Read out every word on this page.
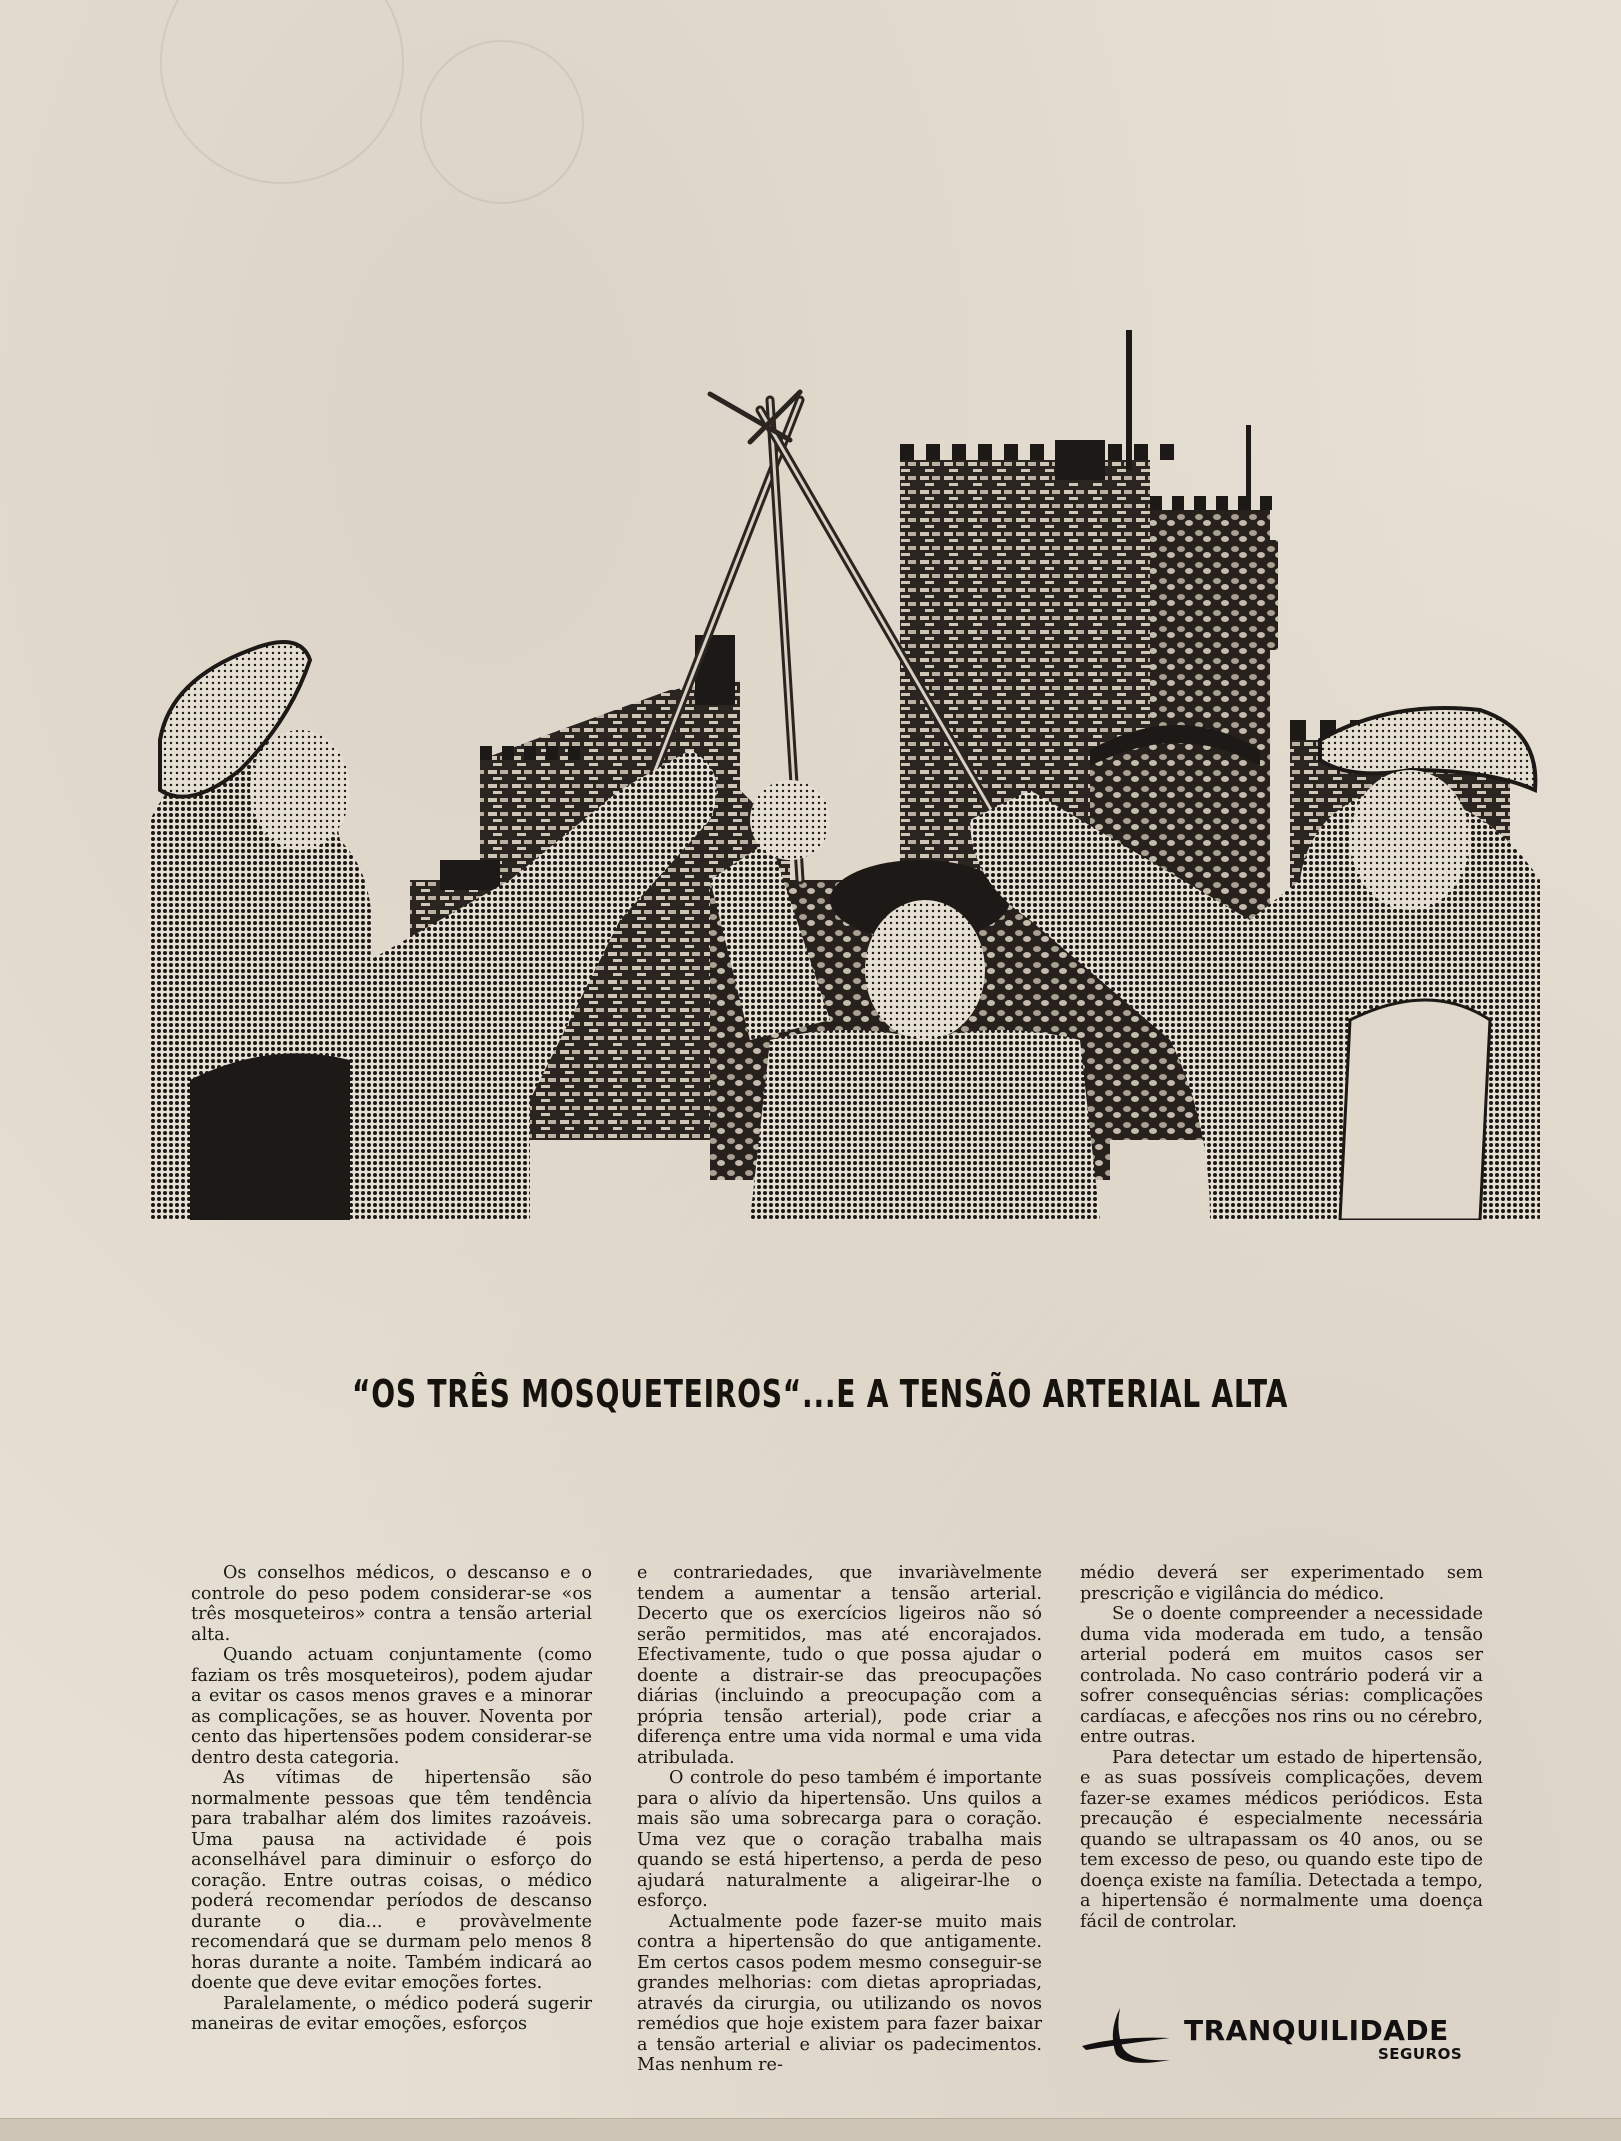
“OS TRÊS MOSQUETEIROS“...E A TENSÃO ARTERIAL ALTA

Os conselhos médicos, o descanso e o controle do peso podem considerar-se «os três mosqueteiros» contra a tensão arterial alta.

Quando actuam conjuntamente (como faziam os três mosqueteiros), podem ajudar a evitar os casos menos graves e a minorar as complicações, se as houver. Noventa por cento das hipertensões podem considerar-se dentro desta categoria.

As vítimas de hipertensão são normalmente pessoas que têm tendência para trabalhar além dos limites razoáveis. Uma pausa na actividade é pois aconselhável para diminuir o esforço do coração. Entre outras coisas, o médico poderá recomendar períodos de descanso durante o dia... e provàvelmente recomendará que se durmam pelo menos 8 horas durante a noite. Também indicará ao doente que deve evitar emoções fortes.

Paralelamente, o médico poderá sugerir maneiras de evitar emoções, esforços

e contrariedades, que invariàvelmente tendem a aumentar a tensão arterial. Decerto que os exercícios ligeiros não só serão permitidos, mas até encorajados. Efectivamente, tudo o que possa ajudar o doente a distrair-se das preocupações diárias (incluindo a preocupação com a própria tensão arterial), pode criar a diferença entre uma vida normal e uma vida atribulada.

O controle do peso também é importante para o alívio da hipertensão. Uns quilos a mais são uma sobrecarga para o coração. Uma vez que o coração trabalha mais quando se está hipertenso, a perda de peso ajudará naturalmente a aligeirar-lhe o esforço.

Actualmente pode fazer-se muito mais contra a hipertensão do que antigamente. Em certos casos podem mesmo conseguir-se grandes melhorias: com dietas apropriadas, através da cirurgia, ou utilizando os novos remédios que hoje existem para fazer baixar a tensão arterial e aliviar os padecimentos. Mas nenhum re-

médio deverá ser experimentado sem prescrição e vigilância do médico.

Se o doente compreender a necessidade duma vida moderada em tudo, a tensão arterial poderá em muitos casos ser controlada. No caso contrário poderá vir a sofrer consequências sérias: complicações cardíacas, e afecções nos rins ou no cérebro, entre outras.

Para detectar um estado de hipertensão, e as suas possíveis complicações, devem fazer-se exames médicos periódicos. Esta precaução é especialmente necessária quando se ultrapassam os 40 anos, ou se tem excesso de peso, ou quando este tipo de doença existe na família. Detectada a tempo, a hipertensão é normalmente uma doença fácil de controlar.

TRANQUILIDADE
SEGUROS
